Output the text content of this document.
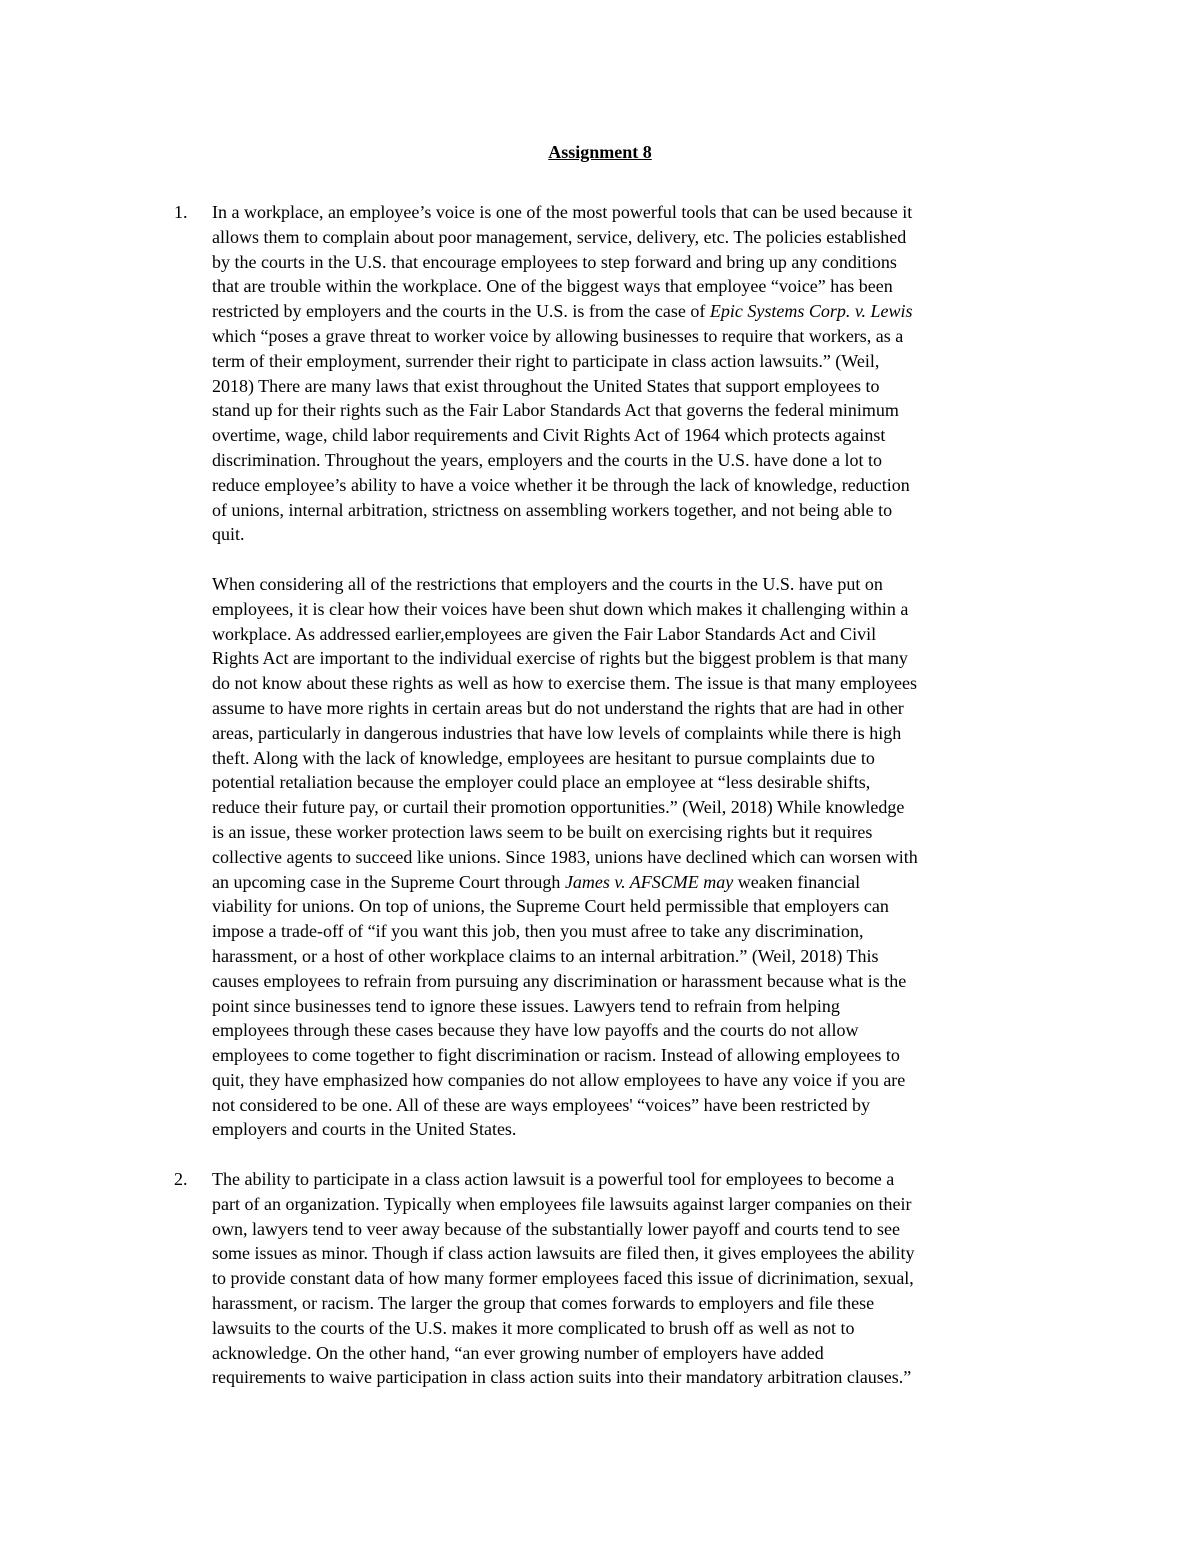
Assignment 8
1. In a workplace, an employee’s voice is one of the most powerful tools that can be used because it
allows them to complain about poor management, service, delivery, etc. The policies established
by the courts in the U.S. that encourage employees to step forward and bring up any conditions
that are trouble within the workplace. One of the biggest ways that employee “voice” has been
restricted by employers and the courts in the U.S. is from the case of Epic Systems Corp. v. Lewis
which “poses a grave threat to worker voice by allowing businesses to require that workers, as a
term of their employment, surrender their right to participate in class action lawsuits.” (Weil,
2018) There are many laws that exist throughout the United States that support employees to
stand up for their rights such as the Fair Labor Standards Act that governs the federal minimum
overtime, wage, child labor requirements and Civit Rights Act of 1964 which protects against
discrimination. Throughout the years, employers and the courts in the U.S. have done a lot to
reduce employee’s ability to have a voice whether it be through the lack of knowledge, reduction
of unions, internal arbitration, strictness on assembling workers together, and not being able to
quit.

When considering all of the restrictions that employers and the courts in the U.S. have put on
employees, it is clear how their voices have been shut down which makes it challenging within a
workplace. As addressed earlier,employees are given the Fair Labor Standards Act and Civil
Rights Act are important to the individual exercise of rights but the biggest problem is that many
do not know about these rights as well as how to exercise them. The issue is that many employees
assume to have more rights in certain areas but do not understand the rights that are had in other
areas, particularly in dangerous industries that have low levels of complaints while there is high
theft. Along with the lack of knowledge, employees are hesitant to pursue complaints due to
potential retaliation because the employer could place an employee at “less desirable shifts,
reduce their future pay, or curtail their promotion opportunities.” (Weil, 2018) While knowledge
is an issue, these worker protection laws seem to be built on exercising rights but it requires
collective agents to succeed like unions. Since 1983, unions have declined which can worsen with
an upcoming case in the Supreme Court through James v. AFSCME may weaken financial
viability for unions. On top of unions, the Supreme Court held permissible that employers can
impose a trade-off of “if you want this job, then you must afree to take any discrimination,
harassment, or a host of other workplace claims to an internal arbitration.” (Weil, 2018) This
causes employees to refrain from pursuing any discrimination or harassment because what is the
point since businesses tend to ignore these issues. Lawyers tend to refrain from helping
employees through these cases because they have low payoffs and the courts do not allow
employees to come together to fight discrimination or racism. Instead of allowing employees to
quit, they have emphasized how companies do not allow employees to have any voice if you are
not considered to be one. All of these are ways employees' “voices” have been restricted by
employers and courts in the United States.

2. The ability to participate in a class action lawsuit is a powerful tool for employees to become a
part of an organization. Typically when employees file lawsuits against larger companies on their
own, lawyers tend to veer away because of the substantially lower payoff and courts tend to see
some issues as minor. Though if class action lawsuits are filed then, it gives employees the ability
to provide constant data of how many former employees faced this issue of dicrinimation, sexual,
harassment, or racism. The larger the group that comes forwards to employers and file these
lawsuits to the courts of the U.S. makes it more complicated to brush off as well as not to
acknowledge. On the other hand, “an ever growing number of employers have added
requirements to waive participation in class action suits into their mandatory arbitration clauses.”
